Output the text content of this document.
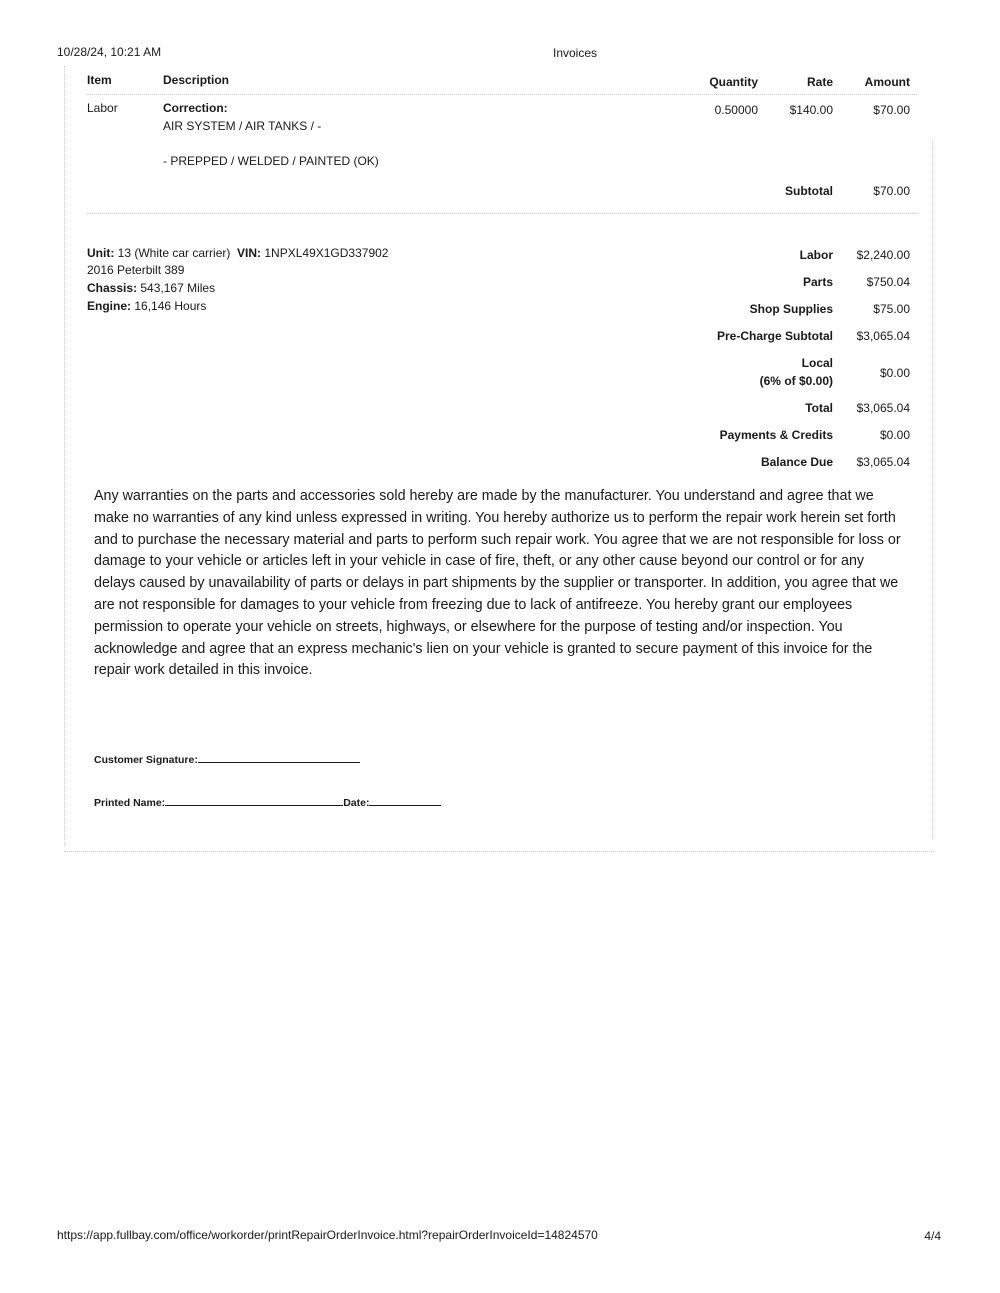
10/28/24, 10:21 AM	Invoices
Item	Description	Quantity	Rate	Amount
Labor	Correction:
AIR SYSTEM / AIR TANKS / -
- PREPPED / WELDED / PAINTED (OK)
0.50000	$140.00	$70.00
Subtotal	$70.00
Unit: 13 (White car carrier) VIN: 1NPXL49X1GD337902
2016 Peterbilt 389
Chassis: 543,167 Miles
Engine: 16,146 Hours
Labor $2,240.00
Parts	$750.04
Shop Supplies	$75.00
Pre-Charge Subtotal $3,065.04
Local
(6% of $0.00)
$0.00
Total $3,065.04
Payments & Credits	$0.00
Balance Due $3,065.04
Any warranties on the parts and accessories sold hereby are made by the manufacturer. You understand and agree that we make no warranties of any kind unless expressed in writing. You hereby authorize us to perform the repair work herein set forth and to purchase the necessary material and parts to perform such repair work. You agree that we are not responsible for loss or damage to your vehicle or articles left in your vehicle in case of fire, theft, or any other cause beyond our control or for any delays caused by unavailability of parts or delays in part shipments by the supplier or transporter. In addition, you agree that we are not responsible for damages to your vehicle from freezing due to lack of antifreeze. You hereby grant our employees permission to operate your vehicle on streets, highways, or elsewhere for the purpose of testing and/or inspection. You acknowledge and agree that an express mechanic's lien on your vehicle is granted to secure payment of this invoice for the repair work detailed in this invoice.
Customer Signature:
Printed Name:	Date:
https://app.fullbay.com/office/workorder/printRepairOrderInvoice.html?repairOrderInvoiceId=14824570	4/4
